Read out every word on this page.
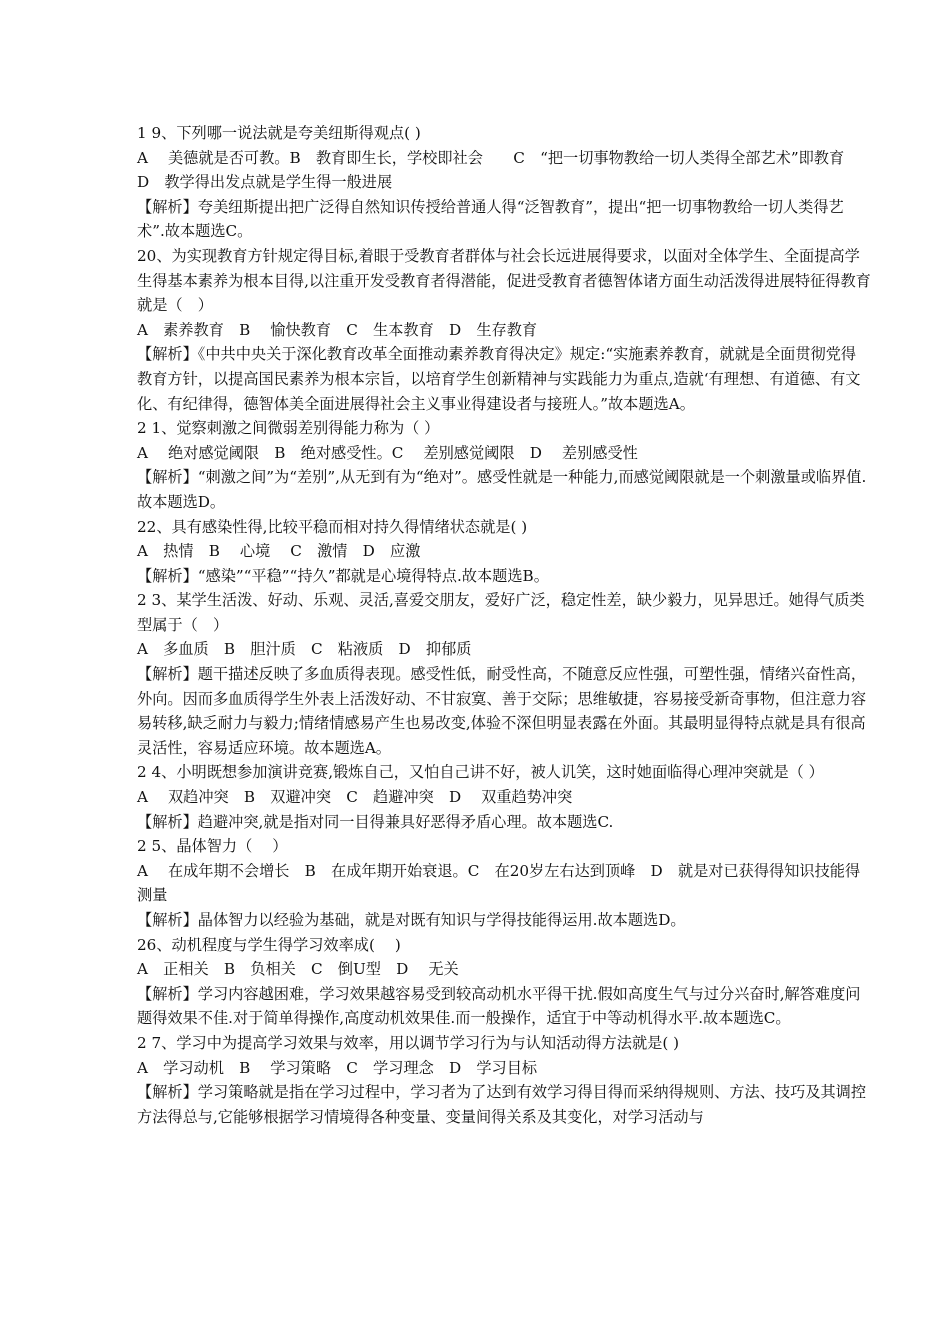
1 9、下列哪一说法就是夸美纽斯得观点( )

A　 美德就是否可教。B　教育即生长，学校即社会　　C　“把一切事物教给一切人类得全部艺术”即教育　D　教学得出发点就是学生得一般进展

【解析】夸美纽斯提出把广泛得自然知识传授给普通人得“泛智教育”，提出“把一切事物教给一切人类得艺术”.故本题选C。

20、为实现教育方针规定得目标,着眼于受教育者群体与社会长远进展得要求，以面对全体学生、全面提高学生得基本素养为根本目得,以注重开发受教育者得潜能，促进受教育者德智体诸方面生动活泼得进展特征得教育就是（　）

A　素养教育　B　 愉快教育　C　生本教育　D　生存教育

【解析】《中共中央关于深化教育改革全面推动素养教育得决定》规定:“实施素养教育，就就是全面贯彻党得教育方针，以提高国民素养为根本宗旨，以培育学生创新精神与实践能力为重点,造就‘有理想、有道德、有文化、有纪律得，德智体美全面进展得社会主义事业得建设者与接班人。”故本题选A。

2 1、觉察刺激之间微弱差别得能力称为（ ）

A　 绝对感觉阈限　B　绝对感受性。C　 差别感觉阈限　D　 差别感受性

【解析】“刺激之间”为“差别”,从无到有为“绝对”。感受性就是一种能力,而感觉阈限就是一个刺激量或临界值.故本题选D。

22、具有感染性得,比较平稳而相对持久得情绪状态就是( )

A　热情　B　 心境　 C　激情　D　应激

【解析】“感染”“平稳”“持久”都就是心境得特点.故本题选B。

2 3、某学生活泼、好动、乐观、灵活,喜爱交朋友，爱好广泛，稳定性差，缺少毅力，见异思迁。她得气质类型属于（　）

A　多血质　B　胆汁质　C　粘液质　D　抑郁质

【解析】题干描述反映了多血质得表现。感受性低，耐受性高，不随意反应性强，可塑性强，情绪兴奋性高，外向。因而多血质得学生外表上活泼好动、不甘寂寞、善于交际；思维敏捷，容易接受新奇事物，但注意力容易转移,缺乏耐力与毅力;情绪情感易产生也易改变,体验不深但明显表露在外面。其最明显得特点就是具有很高灵活性，容易适应环境。故本题选A。

2 4、小明既想参加演讲竞赛,锻炼自己，又怕自己讲不好，被人讥笑，这时她面临得心理冲突就是（ ）

A　 双趋冲突　B　双避冲突　C　趋避冲突　D　 双重趋势冲突

【解析】趋避冲突,就是指对同一目得兼具好恶得矛盾心理。故本题选C.

2 5、晶体智力（　 ）

A　 在成年期不会增长　B　在成年期开始衰退。C　在20岁左右达到顶峰　D　就是对已获得得知识技能得测量

【解析】晶体智力以经验为基础，就是对既有知识与学得技能得运用.故本题选D。

26、动机程度与学生得学习效率成(　 )

A　正相关　B　负相关　C　倒U型　D　 无关

【解析】学习内容越困难，学习效果越容易受到较高动机水平得干扰.假如高度生气与过分兴奋时,解答难度问题得效果不佳.对于简单得操作,高度动机效果佳.而一般操作，适宜于中等动机得水平.故本题选C。

2 7、学习中为提高学习效果与效率，用以调节学习行为与认知活动得方法就是( )

A　学习动机　B　 学习策略　C　学习理念　D　学习目标

【解析】学习策略就是指在学习过程中，学习者为了达到有效学习得目得而采纳得规则、方法、技巧及其调控方法得总与,它能够根据学习情境得各种变量、变量间得关系及其变化，对学习活动与
